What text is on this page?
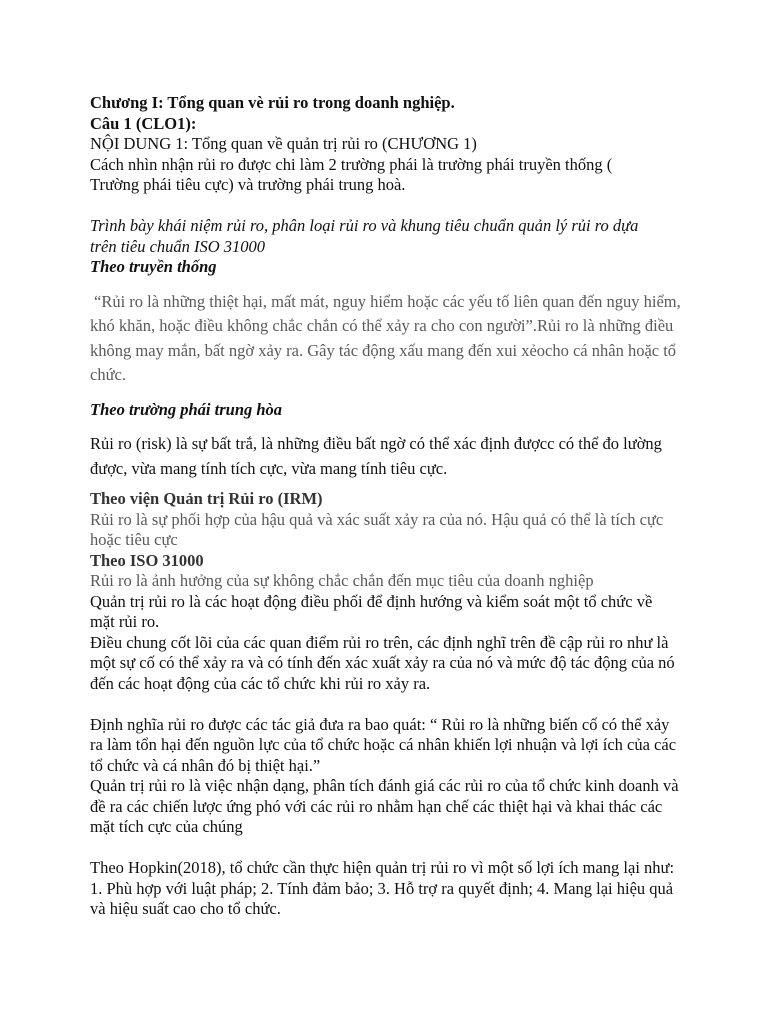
Chương I: Tổng quan vè rủi ro trong doanh nghiệp.

Câu 1 (CLO1):

NỘI DUNG 1: Tổng quan về quản trị rủi ro (CHƯƠNG 1)

Cách nhìn nhận rủi ro được chi làm 2 trường phái là trường phái truyền thống ( Trường phái tiêu cực) và trường phái trung hoà.

Trình bày khái niệm rủi ro, phân loại rủi ro và khung tiêu chuẩn quản lý rủi ro dựa trên tiêu chuẩn ISO 31000

Theo truyền thống

“Rủi ro là những thiệt hại, mất mát, nguy hiểm hoặc các yếu tố liên quan đến nguy hiểm, khó khăn, hoặc điều không chắc chắn có thể xảy ra cho con người”.Rủi ro là những điều không may mắn, bất ngờ xảy ra. Gây tác động xấu mang đến xui xẻocho cá nhân hoặc tổ chức.

Theo trường phái trung hòa

Rủi ro (risk) là sự bất trắ, là những điều bất ngờ có thể xác định đượcc có thể đo lường được, vừa mang tính tích cực, vừa mang tính tiêu cực.

Theo viện Quản trị Rủi ro (IRM)

Rủi ro là sự phối hợp của hậu quả và xác suất xảy ra của nó. Hậu quả có thể là tích cực hoặc tiêu cực

Theo ISO 31000

Rủi ro là ảnh hưởng của sự không chắc chắn đến mục tiêu của doanh nghiệp

Quản trị rủi ro là các hoạt động điều phối để định hướng và kiểm soát một tổ chức về mặt rủi ro.

Điều chung cốt lõi của các quan điểm rủi ro trên, các định nghĩ trên đề cập rủi ro như là một sự cố có thể xảy ra và có tính đến xác xuất xảy ra của nó và mức độ tác động của nó đến các hoạt động của các tổ chức khi rủi ro xảy ra.

Định nghĩa rủi ro được các tác giả đưa ra bao quát: “ Rủi ro là những biến cố có thể xảy ra làm tổn hại đến nguồn lực của tổ chức hoặc cá nhân khiến lợi nhuận và lợi ích của các tổ chức và cá nhân đó bị thiệt hại.”

Quản trị rủi ro là việc nhận dạng, phân tích đánh giá các rủi ro của tổ chức kinh doanh và đề ra các chiến lược ứng phó với các rủi ro nhằm hạn chế các thiệt hại và khai thác các mặt tích cực của chúng

Theo Hopkin(2018), tổ chức cần thực hiện quản trị rủi ro vì một số lợi ích mang lại như: 1. Phù hợp với luật pháp; 2. Tính đảm bảo; 3. Hỗ trợ ra quyết định; 4. Mang lại hiệu quả và hiệu suất cao cho tổ chức.
